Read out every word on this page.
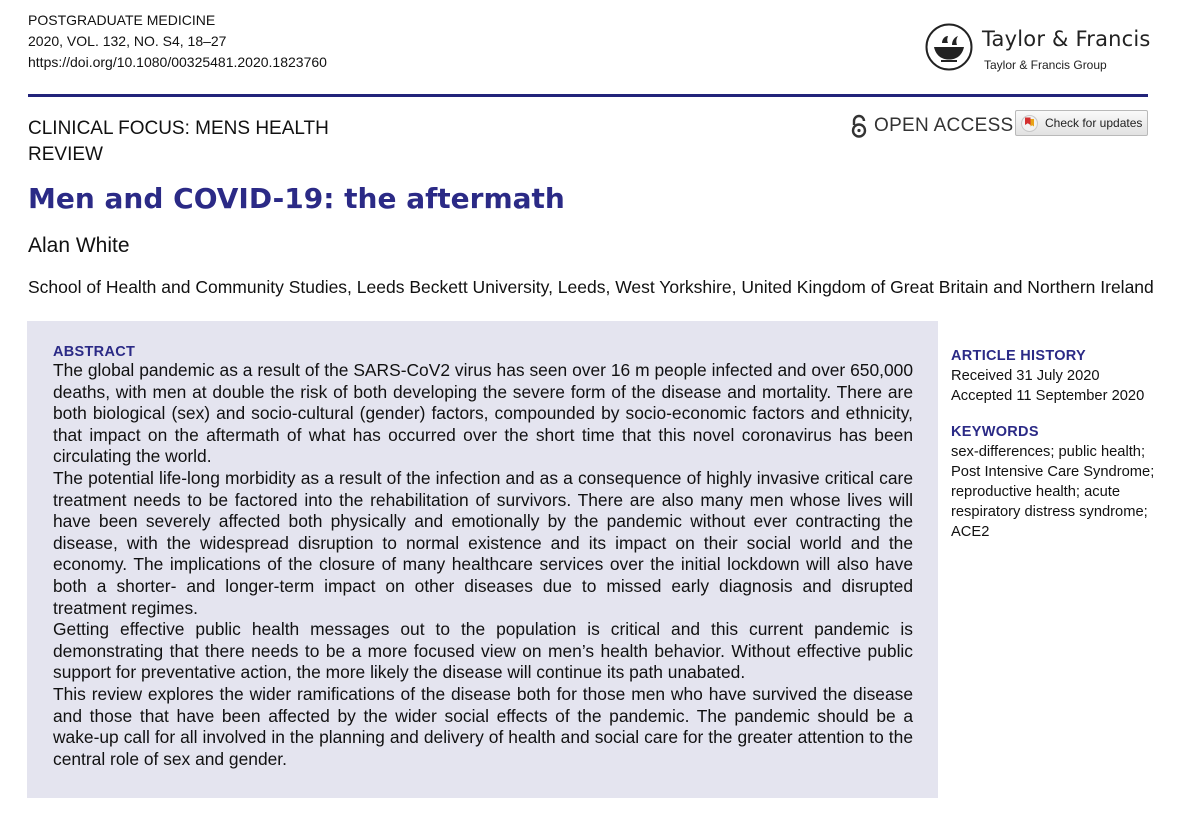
POSTGRADUATE MEDICINE
2020, VOL. 132, NO. S4, 18–27
https://doi.org/10.1080/00325481.2020.1823760
Taylor & Francis
Taylor & Francis Group
CLINICAL FOCUS: MENS HEALTH
REVIEW
OPEN ACCESS	Check for updates
Men and COVID-19: the aftermath
Alan White
School of Health and Community Studies, Leeds Beckett University, Leeds, West Yorkshire, United Kingdom of Great Britain and Northern Ireland
ABSTRACT

The global pandemic as a result of the SARS-CoV2 virus has seen over 16 m people infected and over 650,000 deaths, with men at double the risk of both developing the severe form of the disease and mortality. There are both biological (sex) and socio-cultural (gender) factors, compounded by socio-economic factors and ethnicity, that impact on the aftermath of what has occurred over the short time that this novel coronavirus has been circulating the world.

The potential life-long morbidity as a result of the infection and as a consequence of highly invasive critical care treatment needs to be factored into the rehabilitation of survivors. There are also many men whose lives will have been severely affected both physically and emotionally by the pandemic without ever contracting the disease, with the widespread disruption to normal existence and its impact on their social world and the economy. The implications of the closure of many healthcare services over the initial lockdown will also have both a shorter- and longer-term impact on other diseases due to missed early diagnosis and disrupted treatment regimes.

Getting effective public health messages out to the population is critical and this current pandemic is demonstrating that there needs to be a more focused view on men’s health behavior. Without effective public support for preventative action, the more likely the disease will continue its path unabated.

This review explores the wider ramifications of the disease both for those men who have survived the disease and those that have been affected by the wider social effects of the pandemic. The pandemic should be a wake-up call for all involved in the planning and delivery of health and social care for the greater attention to the central role of sex and gender.

ARTICLE HISTORY
Received 31 July 2020
Accepted 11 September 2020
KEYWORDS
sex-differences; public health; Post Intensive Care Syndrome; reproductive health; acute respiratory distress syndrome; ACE2
